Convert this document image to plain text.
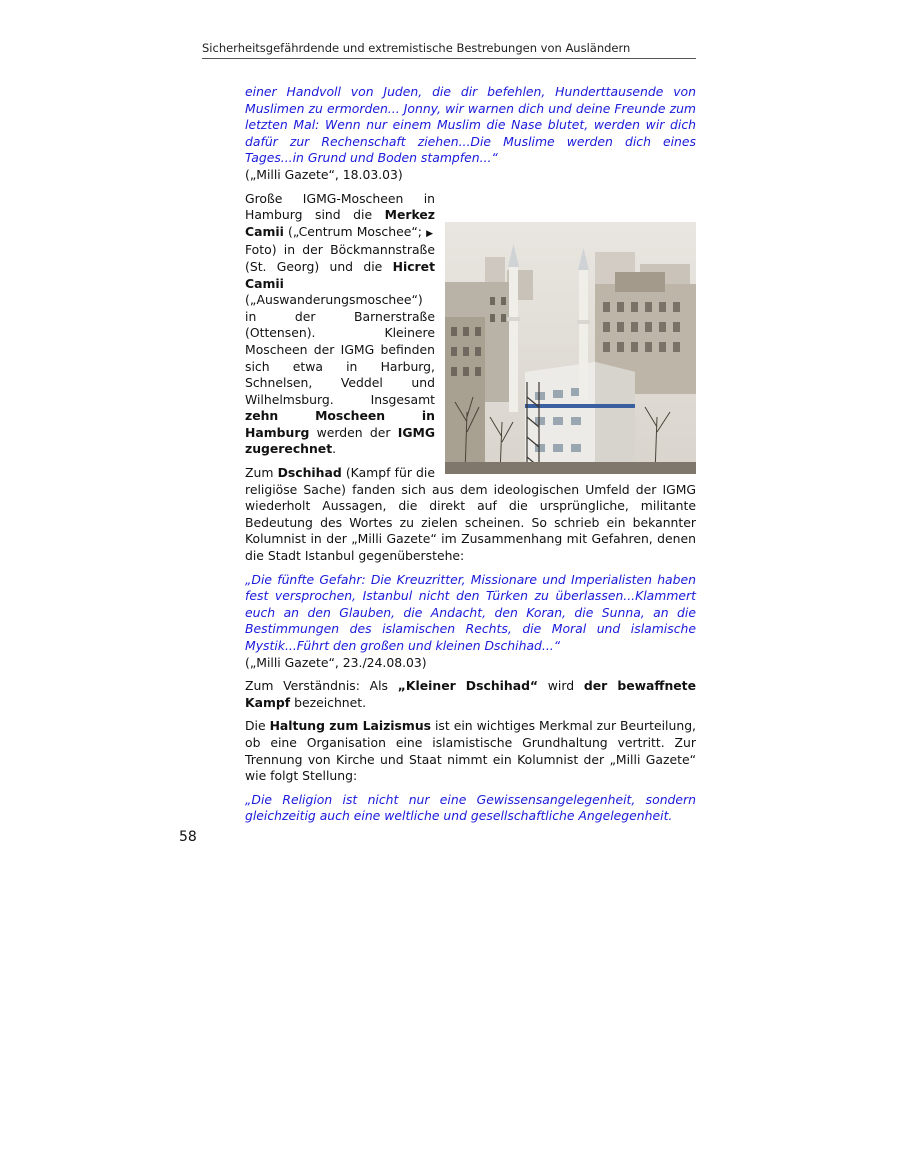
Sicherheitsgefährdende und extremistische Bestrebungen von Ausländern

einer Handvoll von Juden, die dir befehlen, Hunderttausende von Muslimen zu ermorden... Jonny, wir warnen dich und deine Freunde zum letzten Mal: Wenn nur einem Muslim die Nase blutet, werden wir dich dafür zur Rechenschaft ziehen...Die Muslime werden dich eines Tages...in Grund und Boden stampfen...“

(„Milli Gazete“, 18.03.03)

Große IGMG-Moscheen in Hamburg sind die Merkez Camii („Centrum Moschee“; ▶Foto) in der Böckmannstraße (St. Georg) und die Hicret Camii („Auswanderungsmoschee“) in der Barnerstraße (Ottensen). Kleinere Moscheen der IGMG befinden sich etwa in Harburg, Schnelsen, Veddel und Wilhelmsburg. Insgesamt zehn Moscheen in Hamburg werden der IGMG zugerechnet.

Zum Dschihad (Kampf für die religiöse Sache) fanden sich aus dem ideologischen Umfeld der IGMG wiederholt Aussagen, die direkt auf die ursprüngliche, militante Bedeutung des Wortes zu zielen scheinen. So schrieb ein bekannter Kolumnist in der „Milli Gazete“ im Zusammenhang mit Gefahren, denen die Stadt Istanbul gegenüberstehe:

„Die fünfte Gefahr: Die Kreuzritter, Missionare und Imperialisten haben fest versprochen, Istanbul nicht den Türken zu überlassen...Klammert euch an den Glauben, die Andacht, den Koran, die Sunna, an die Bestimmungen des islamischen Rechts, die Moral und islamische Mystik...Führt den großen und kleinen Dschihad...“

(„Milli Gazete“, 23./24.08.03)

Zum Verständnis: Als „Kleiner Dschihad“ wird der bewaffnete Kampf bezeichnet.

Die Haltung zum Laizismus ist ein wichtiges Merkmal zur Beurteilung, ob eine Organisation eine islamistische Grundhaltung vertritt. Zur Trennung von Kirche und Staat nimmt ein Kolumnist der „Milli Gazete“ wie folgt Stellung:

„Die Religion ist nicht nur eine Gewissensangelegenheit, sondern gleichzeitig auch eine weltliche und gesellschaftliche Angelegenheit.

58
